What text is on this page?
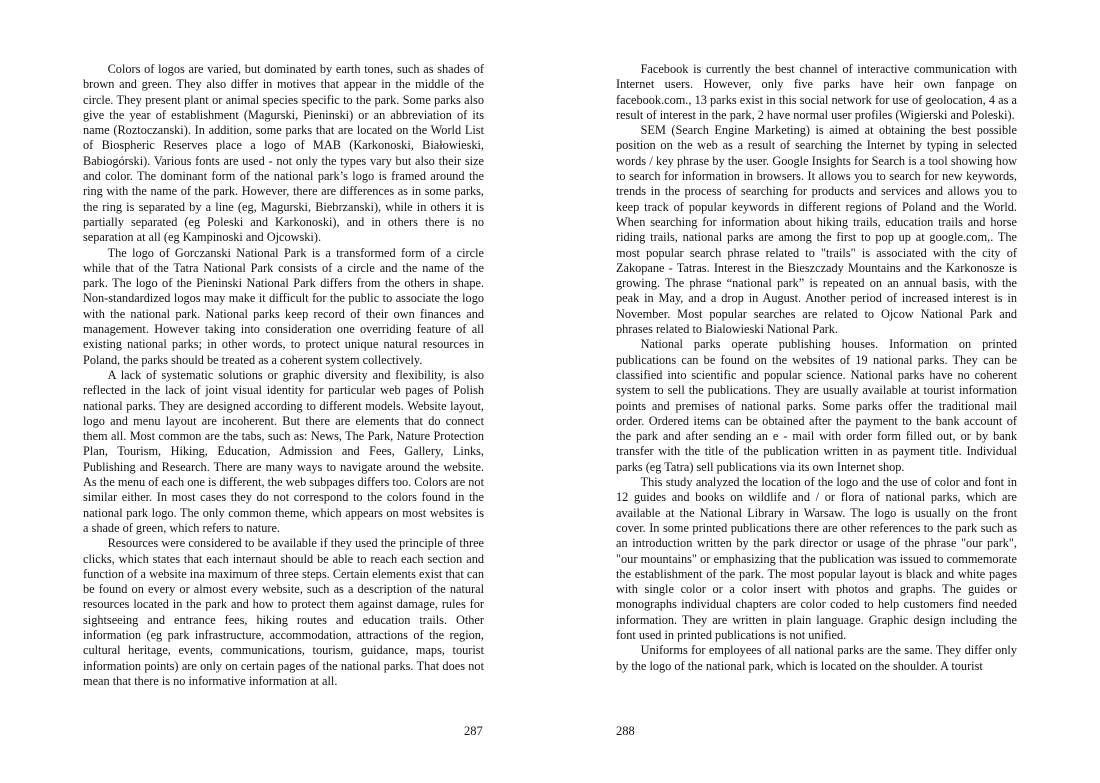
Colors of logos are varied, but dominated by earth tones, such as shades of brown and green. They also differ in motives that appear in the middle of the circle. They present plant or animal species specific to the park. Some parks also give the year of establishment (Magurski, Pieninski) or an abbreviation of its name (Roztoczanski). In addition, some parks that are located on the World List of Biospheric Reserves place a logo of MAB (Karkonoski, Białowieski, Babiogórski). Various fonts are used - not only the types vary but also their size and color. The dominant form of the national park’s logo is framed around the ring with the name of the park. However, there are differences as in some parks, the ring is separated by a line (eg, Magurski, Biebrzanski), while in others it is partially separated (eg Poleski and Karkonoski), and in others there is no separation at all (eg Kampinoski and Ojcowski).

The logo of Gorczanski National Park is a transformed form of a circle while that of the Tatra National Park consists of a circle and the name of the park. The logo of the Pieninski National Park differs from the others in shape. Non-standardized logos may make it difficult for the public to associate the logo with the national park. National parks keep record of their own finances and management. However taking into consideration one overriding feature of all existing national parks; in other words, to protect unique natural resources in Poland, the parks should be treated as a coherent system collectively.

A lack of systematic solutions or graphic diversity and flexibility, is also reflected in the lack of joint visual identity for particular web pages of Polish national parks. They are designed according to different models. Website layout, logo and menu layout are incoherent. But there are elements that do connect them all. Most common are the tabs, such as: News, The Park, Nature Protection Plan, Tourism, Hiking, Education, Admission and Fees, Gallery, Links, Publishing and Research. There are many ways to navigate around the website. As the menu of each one is different, the web subpages differs too. Colors are not similar either. In most cases they do not correspond to the colors found in the national park logo. The only common theme, which appears on most websites is a shade of green, which refers to nature.

Resources were considered to be available if they used the principle of three clicks, which states that each internaut should be able to reach each section and function of a website ina maximum of three steps. Certain elements exist that can be found on every or almost every website, such as a description of the natural resources located in the park and how to protect them against damage, rules for sightseeing and entrance fees, hiking routes and education trails. Other information (eg park infrastructure, accommodation, attractions of the region, cultural heritage, events, communications, tourism, guidance, maps, tourist information points) are only on certain pages of the national parks. That does not mean that there is no informative information at all.

Facebook is currently the best channel of interactive communication with Internet users. However, only five parks have heir own fanpage on facebook.com., 13 parks exist in this social network for use of geolocation, 4 as a result of interest in the park, 2 have normal user profiles (Wigierski and Poleski).

SEM (Search Engine Marketing) is aimed at obtaining the best possible position on the web as a result of searching the Internet by typing in selected words / key phrase by the user. Google Insights for Search is a tool showing how to search for information in browsers. It allows you to search for new keywords, trends in the process of searching for products and services and allows you to keep track of popular keywords in different regions of Poland and the World. When searching for information about hiking trails, education trails and horse riding trails, national parks are among the first to pop up at google.com,. The most popular search phrase related to "trails" is associated with the city of Zakopane - Tatras. Interest in the Bieszczady Mountains and the Karkonosze is growing. The phrase “national park” is repeated on an annual basis, with the peak in May, and a drop in August. Another period of increased interest is in November. Most popular searches are related to Ojcow National Park and phrases related to Bialowieski National Park.

National parks operate publishing houses. Information on printed publications can be found on the websites of 19 national parks. They can be classified into scientific and popular science. National parks have no coherent system to sell the publications. They are usually available at tourist information points and premises of national parks. Some parks offer the traditional mail order. Ordered items can be obtained after the payment to the bank account of the park and after sending an e - mail with order form filled out, or by bank transfer with the title of the publication written in as payment title. Individual parks (eg Tatra) sell publications via its own Internet shop.

This study analyzed the location of the logo and the use of color and font in 12 guides and books on wildlife and / or flora of national parks, which are available at the National Library in Warsaw. The logo is usually on the front cover. In some printed publications there are other references to the park such as an introduction written by the park director or usage of the phrase "our park", "our mountains" or emphasizing that the publication was issued to commemorate the establishment of the park. The most popular layout is black and white pages with single color or a color insert with photos and graphs. The guides or monographs individual chapters are color coded to help customers find needed information. They are written in plain language. Graphic design including the font used in printed publications is not unified.

Uniforms for employees of all national parks are the same. They differ only by the logo of the national park, which is located on the shoulder. A tourist

287	288
